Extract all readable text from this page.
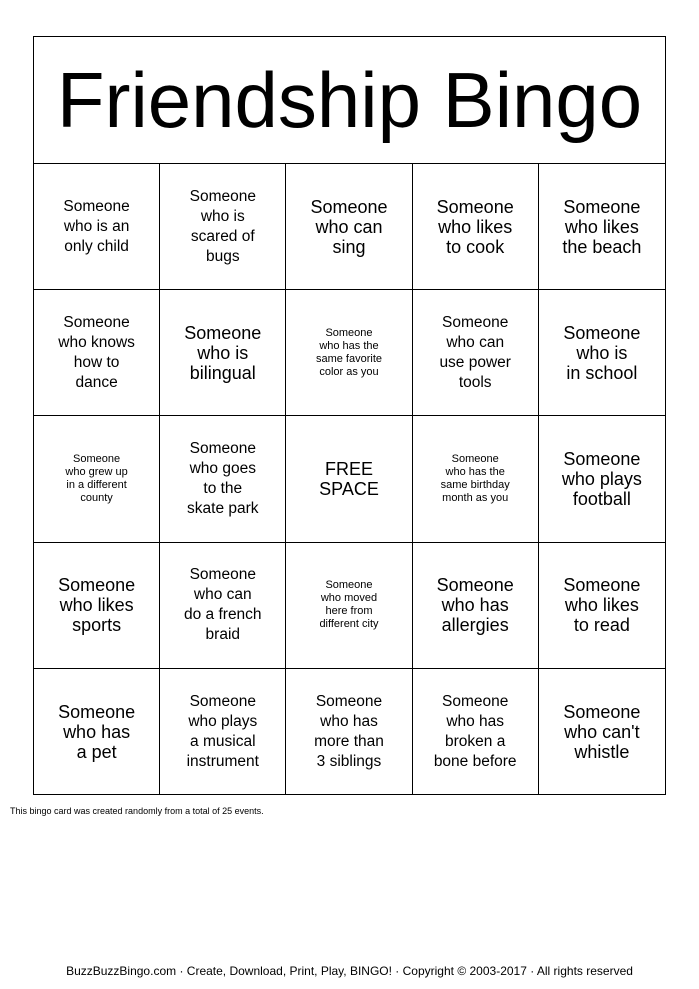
Friendship Bingo
Someone
who is an
only child
Someone
who is
scared of
bugs
Someone
who can
sing
Someone
who likes
to cook
Someone
who likes
the beach
Someone
who knows
how to
dance
Someone
who is
bilingual
Someone
who has the
same favorite
color as you
Someone
who can
use power
tools
Someone
who is
in school
Someone
who grew up
in a different
county
Someone
who goes
to the
skate park
FREE
SPACE
Someone
who has the
same birthday
month as you
Someone
who plays
football
Someone
who likes
sports
Someone
who can
do a french
braid
Someone
who moved
here from
different city
Someone
who has
allergies
Someone
who likes
to read
Someone
who has
a pet
Someone
who plays
a musical
instrument
Someone
who has
more than
3 siblings
Someone
who has
broken a
bone before
Someone
who can't
whistle
This bingo card was created randomly from a total of 25 events.
BuzzBuzzBingo.com · Create, Download, Print, Play, BINGO! · Copyright © 2003-2017 · All rights reserved
